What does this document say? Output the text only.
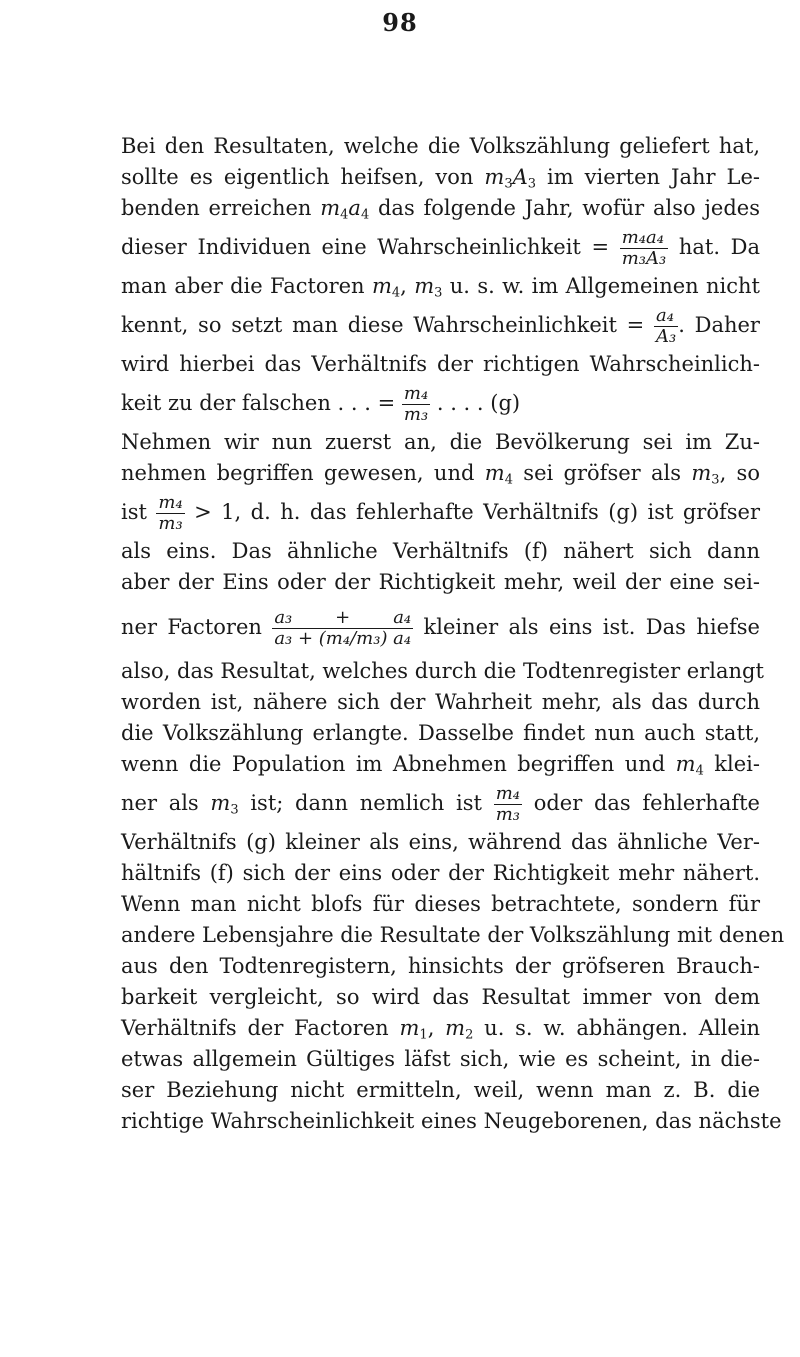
98
Bei den Resultaten, welche die Volkszählung geliefert hat,
sollte es eigentlich heifsen, von $m_3A_3$ im vierten Jahr Le-
benden erreichen $m_4a_4$ das folgende Jahr, wofür also jedes
dieser Individuen eine Wahrscheinlichkeit = $\frac{\text{m₄a₄}}{\text{m₃A₃}}$ hat. Da
man aber die Factoren $m_4$, $m_3$ u. s. w. im Allgemeinen nicht
kennt, so setzt man diese Wahrscheinlichkeit = $\frac{\text{a₄}}{\text{A₃}}$ . Daher
wird hierbei das Verhältnifs der richtigen Wahrscheinlich-
keit zu der falschen . . . = $\frac{\text{m₄}}{\text{m₃}}$ . . . . (g)
Nehmen wir nun zuerst an, die Bevölkerung sei im Zu-
nehmen begriffen gewesen, und $m_4$ sei gröfser als $m_3$, so
ist $\frac{\text{m₄}}{\text{m₃}} > 1$, d. h. das fehlerhafte Verhältnifs (g) ist gröfser
als eins. Das ähnliche Verhältnifs (f) nähert sich dann
aber der Eins oder der Richtigkeit mehr, weil der eine sei-
ner Factoren $\frac{\text{a₃ + a₄}}{\text{a₃ + (m₄/m₃) a₄}}$ kleiner als eins ist. Das hiefse
also, das Resultat, welches durch die Todtenregister erlangt
worden ist, nähere sich der Wahrheit mehr, als das durch
die Volkszählung erlangte. Dasselbe findet nun auch statt,
wenn die Population im Abnehmen begriffen und $m_4$ klei-
ner als $m_3$ ist; dann nemlich ist $\frac{\text{m₄}}{\text{m₃}}$ oder das fehlerhafte
Verhältnifs (g) kleiner als eins, während das ähnliche Ver-
hältnifs (f) sich der eins oder der Richtigkeit mehr nähert.
Wenn man nicht blofs für dieses betrachtete, sondern für
andere Lebensjahre die Resultate der Volkszählung mit denen
aus den Todtenregistern, hinsichts der gröfseren Brauch-
barkeit vergleicht, so wird das Resultat immer von dem
Verhältnifs der Factoren $m_1$, $m_2$ u. s. w. abhängen. Allein
etwas allgemein Gültiges läfst sich, wie es scheint, in die-
ser Beziehung nicht ermitteln, weil, wenn man z. B. die
richtige Wahrscheinlichkeit eines Neugeborenen, das nächste
